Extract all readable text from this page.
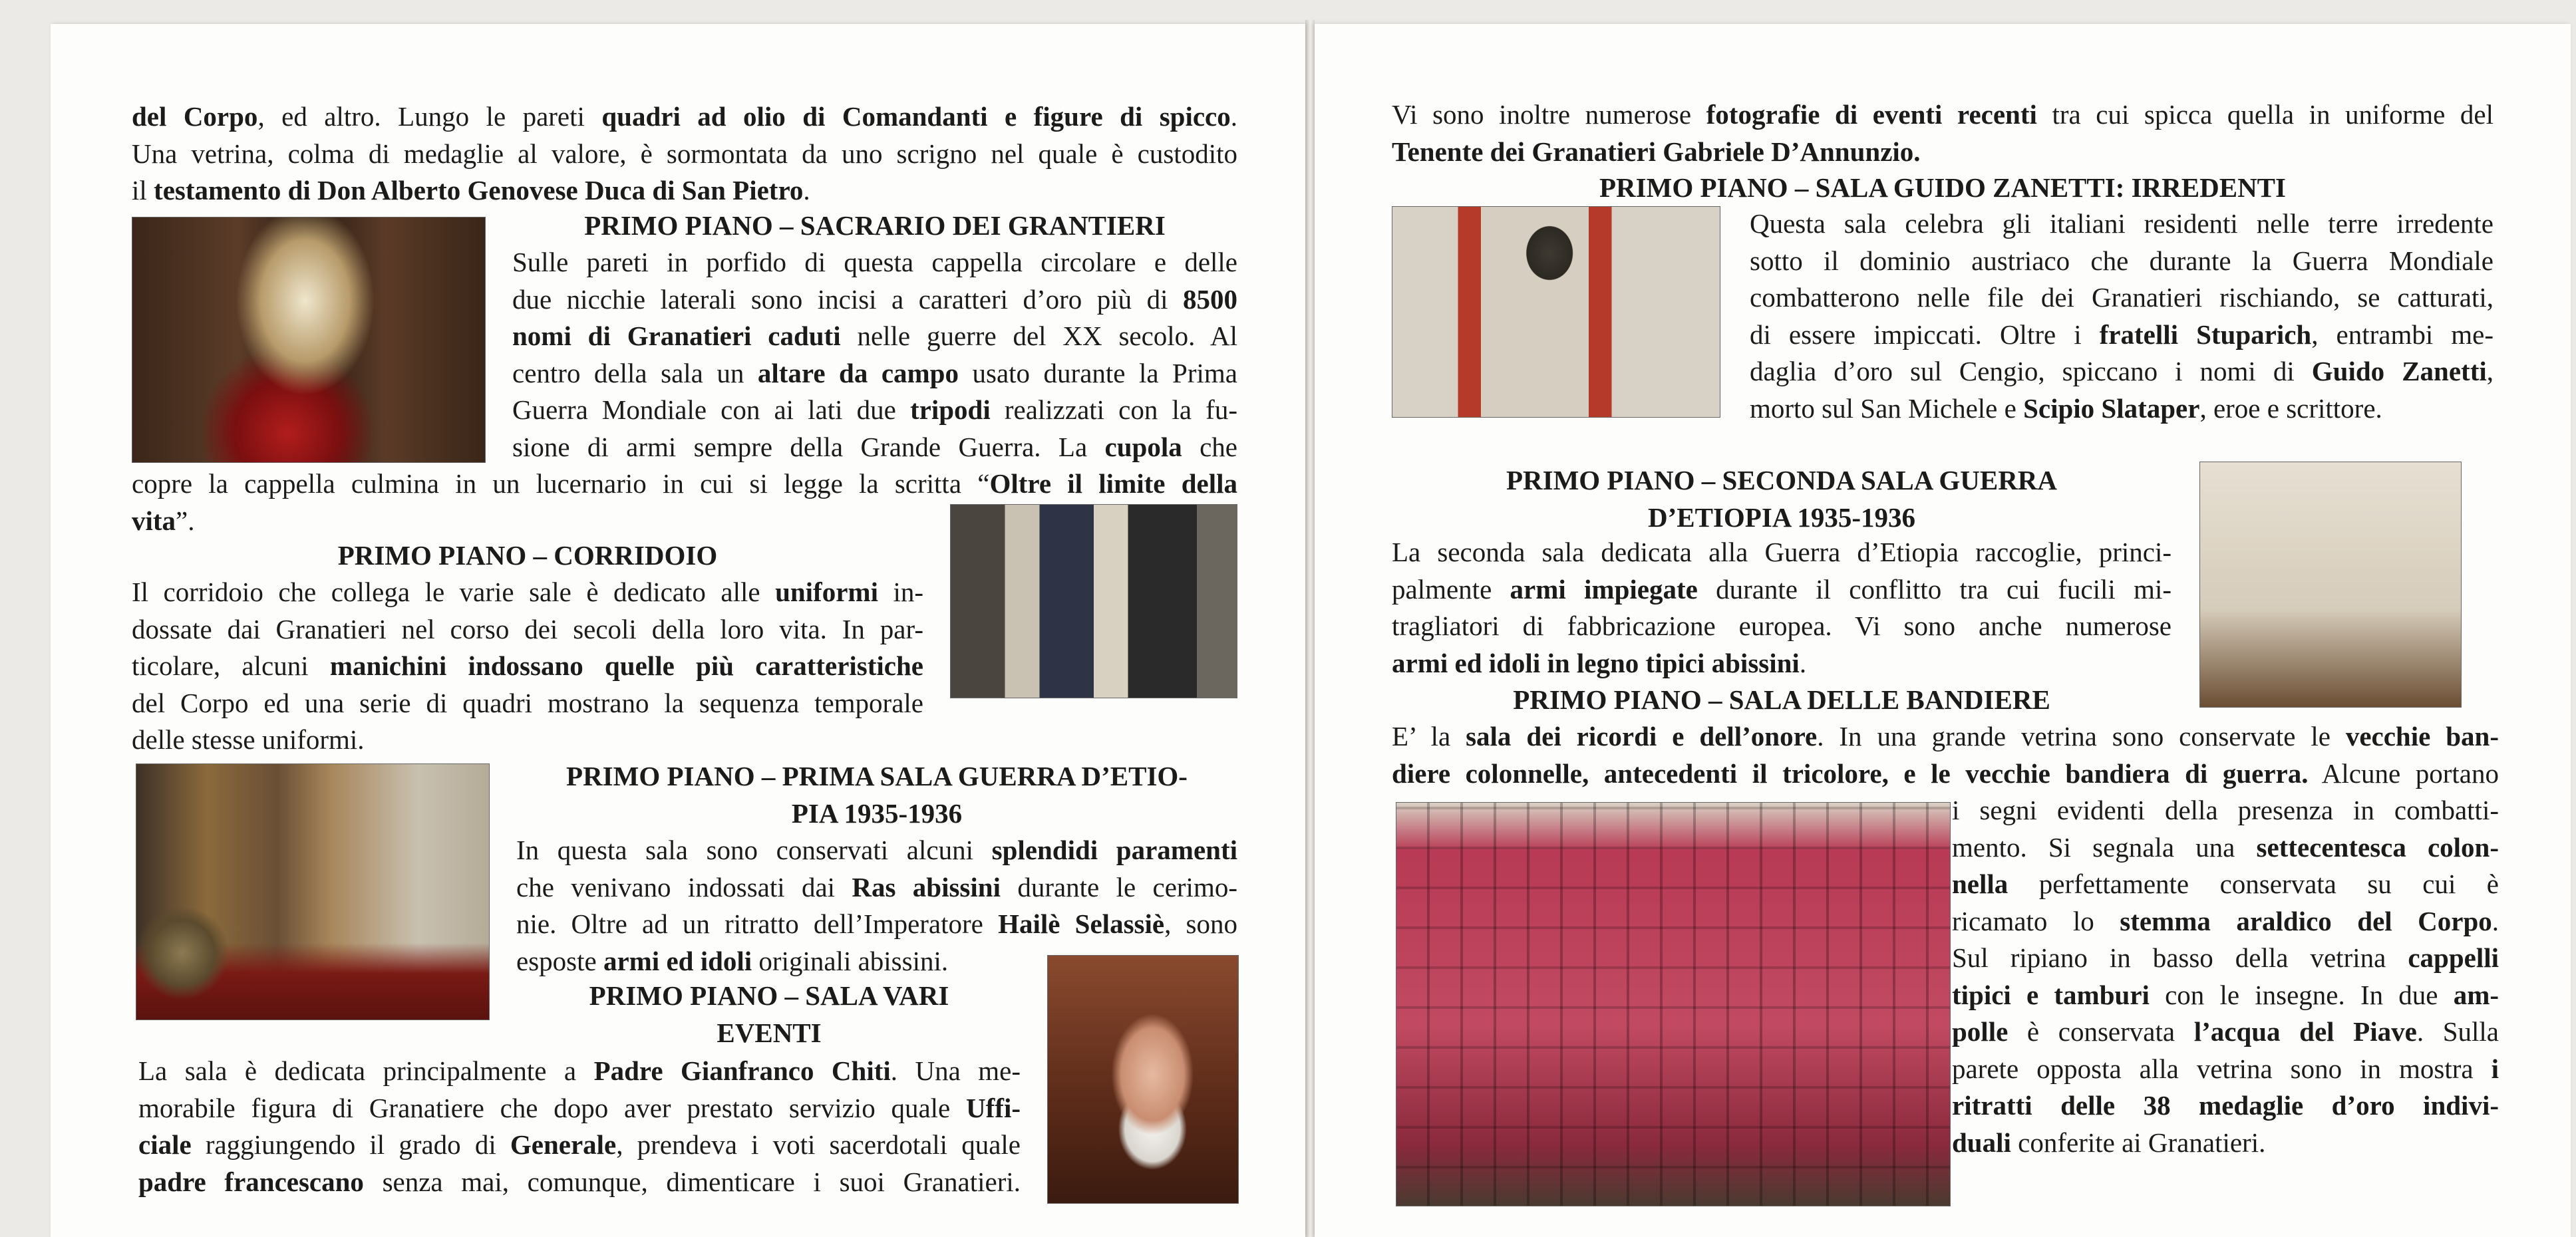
del Corpo, ed altro. Lungo le pareti quadri ad olio di Comandanti e figure di spicco.
Una vetrina, colma di medaglie al valore, è sormontata da uno scrigno nel quale è custodito
il testamento di Don Alberto Genovese Duca di San Pietro.
PRIMO PIANO – SACRARIO DEI GRANTIERI
Sulle pareti in porfido di questa cappella circolare e delle
due nicchie laterali sono incisi a caratteri d’oro più di 8500
nomi di Granatieri caduti nelle guerre del XX secolo. Al
centro della sala un altare da campo usato durante la Prima
Guerra Mondiale con ai lati due tripodi realizzati con la fu-
sione di armi sempre della Grande Guerra. La cupola che
copre la cappella culmina in un lucernario in cui si legge la scritta “Oltre il limite della
vita”.
PRIMO PIANO – CORRIDOIO
Il corridoio che collega le varie sale è dedicato alle uniformi in-
dossate dai Granatieri nel corso dei secoli della loro vita. In par-
ticolare, alcuni manichini indossano quelle più caratteristiche
del Corpo ed una serie di quadri mostrano la sequenza temporale
delle stesse uniformi.
PRIMO PIANO – PRIMA SALA GUERRA D’ETIO-
PIA 1935-1936
In questa sala sono conservati alcuni splendidi paramenti
che venivano indossati dai Ras abissini durante le cerimo-
nie. Oltre ad un ritratto dell’Imperatore Hailè Selassiè, sono
esposte armi ed idoli originali abissini.
PRIMO PIANO – SALA VARI
EVENTI
La sala è dedicata principalmente a Padre Gianfranco Chiti. Una me-
morabile figura di Granatiere che dopo aver prestato servizio quale Uffi-
ciale raggiungendo il grado di Generale, prendeva i voti sacerdotali quale
padre francescano senza mai, comunque, dimenticare i suoi Granatieri.
Vi sono inoltre numerose fotografie di eventi recenti tra cui spicca quella in uniforme del
Tenente dei Granatieri Gabriele D’Annunzio.
PRIMO PIANO – SALA GUIDO ZANETTI: IRREDENTI
Questa sala celebra gli italiani residenti nelle terre irredente
sotto il dominio austriaco che durante la Guerra Mondiale
combatterono nelle file dei Granatieri rischiando, se catturati,
di essere impiccati. Oltre i fratelli Stuparich, entrambi me-
daglia d’oro sul Cengio, spiccano i nomi di Guido Zanetti,
morto sul San Michele e Scipio Slataper, eroe e scrittore.
PRIMO PIANO – SECONDA SALA GUERRA
D’ETIOPIA 1935-1936
La seconda sala dedicata alla Guerra d’Etiopia raccoglie, princi-
palmente armi impiegate durante il conflitto tra cui fucili mi-
tragliatori di fabbricazione europea. Vi sono anche numerose
armi ed idoli in legno tipici abissini.
PRIMO PIANO – SALA DELLE BANDIERE
E’ la sala dei ricordi e dell’onore. In una grande vetrina sono conservate le vecchie ban-
diere colonnelle, antecedenti il tricolore, e le vecchie bandiera di guerra. Alcune portano
i segni evidenti della presenza in combatti-
mento. Si segnala una settecentesca colon-
nella perfettamente conservata su cui è
ricamato lo stemma araldico del Corpo.
Sul ripiano in basso della vetrina cappelli
tipici e tamburi con le insegne. In due am-
polle è conservata l’acqua del Piave. Sulla
parete opposta alla vetrina sono in mostra i
ritratti delle 38 medaglie d’oro indivi-
duali conferite ai Granatieri.
